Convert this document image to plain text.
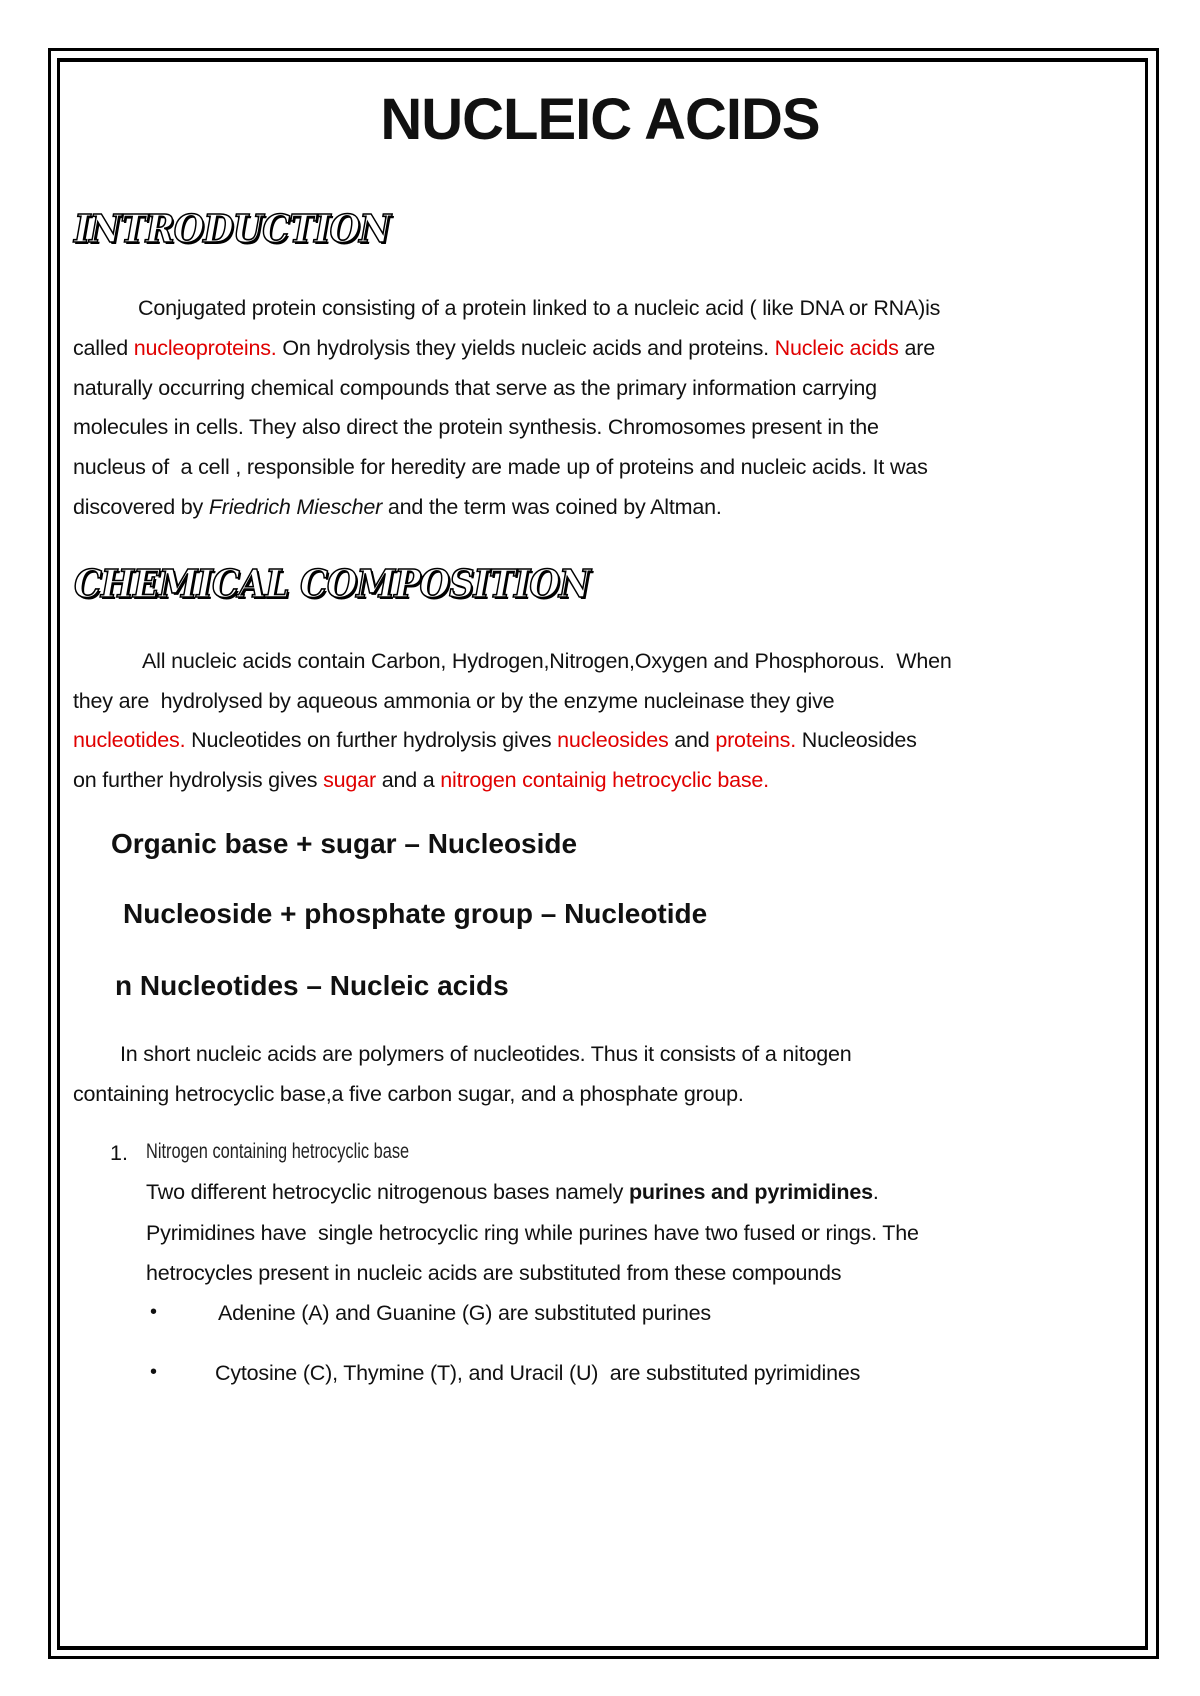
NUCLEIC ACIDS
INTRODUCTION
Conjugated protein consisting of a protein linked to a nucleic acid ( like DNA or RNA)is
called nucleoproteins. On hydrolysis they yields nucleic acids and proteins. Nucleic acids are
naturally occurring chemical compounds that serve as the primary information carrying
molecules in cells. They also direct the protein synthesis. Chromosomes present in the
nucleus of  a cell , responsible for heredity are made up of proteins and nucleic acids. It was
discovered by Friedrich Miescher and the term was coined by Altman.
CHEMICAL COMPOSITION
All nucleic acids contain Carbon, Hydrogen,Nitrogen,Oxygen and Phosphorous.  When
they are  hydrolysed by aqueous ammonia or by the enzyme nucleinase they give
nucleotides. Nucleotides on further hydrolysis gives nucleosides and proteins. Nucleosides
on further hydrolysis gives sugar and a nitrogen containig hetrocyclic base.
Organic base + sugar – Nucleoside
Nucleoside + phosphate group – Nucleotide
n Nucleotides – Nucleic acids
In short nucleic acids are polymers of nucleotides. Thus it consists of a nitogen
containing hetrocyclic base,a five carbon sugar, and a phosphate group.
1. Nitrogen containing hetrocyclic base
Two different hetrocyclic nitrogenous bases namely purines and pyrimidines.
Pyrimidines have  single hetrocyclic ring while purines have two fused or rings. The
hetrocycles present in nucleic acids are substituted from these compounds
•	Adenine (A) and Guanine (G) are substituted purines
•	Cytosine (C), Thymine (T), and Uracil (U)  are substituted pyrimidines
